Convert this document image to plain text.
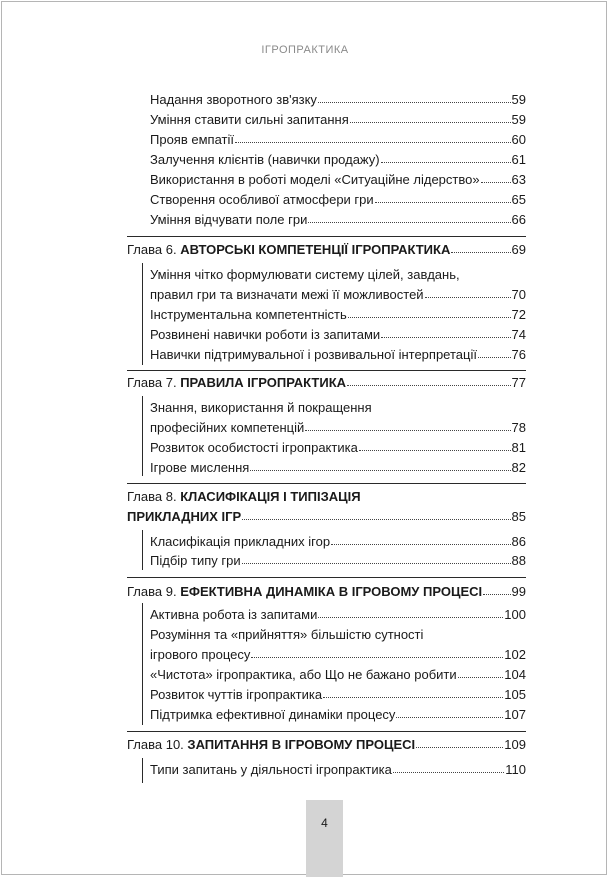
ІГРОПРАКТИКА
Надання зворотного зв'язку	59
Уміння ставити сильні запитання	59
Прояв емпатії	60
Залучення клієнтів (навички продажу)	61
Використання в роботі моделі «Ситуаційне лідерство» 63
Створення особливої атмосфери гри	65
Уміння відчувати поле гри	66
Глава 6. АВТОРСЬКІ КОМПЕТЕНЦІЇ ІГРОПРАКТИКА	69
Уміння чітко формулювати систему цілей, завдань,
правил гри та визначати межі її можливостей	70
Інструментальна компетентність	72
Розвинені навички роботи із запитами	74
Навички підтримувальної і розвивальної інтерпретації	76
Глава 7. ПРАВИЛА ІГРОПРАКТИКА	77
Знання, використання й покращення
професійних компетенцій	78
Розвиток особистості ігропрактика	81
Ігрове мислення	82
Глава 8. КЛАСИФІКАЦІЯ І ТИПІЗАЦІЯ
ПРИКЛАДНИХ ІГР	85
Класифікація прикладних ігор	86
Підбір типу гри	88
Глава 9. ЕФЕКТИВНА ДИНАМІКА В ІГРОВОМУ ПРОЦЕСІ 99
Активна робота із запитами	100
Розуміння та «прийняття» більшістю сутності
ігрового процесу	102
«Чистота» ігропрактика, або Що не бажано робити	104
Розвиток чуттів ігропрактика	105
Підтримка ефективної динаміки процесу	107
Глава 10. ЗАПИТАННЯ В ІГРОВОМУ ПРОЦЕСІ	109
Типи запитань у діяльності ігропрактика	110
4
